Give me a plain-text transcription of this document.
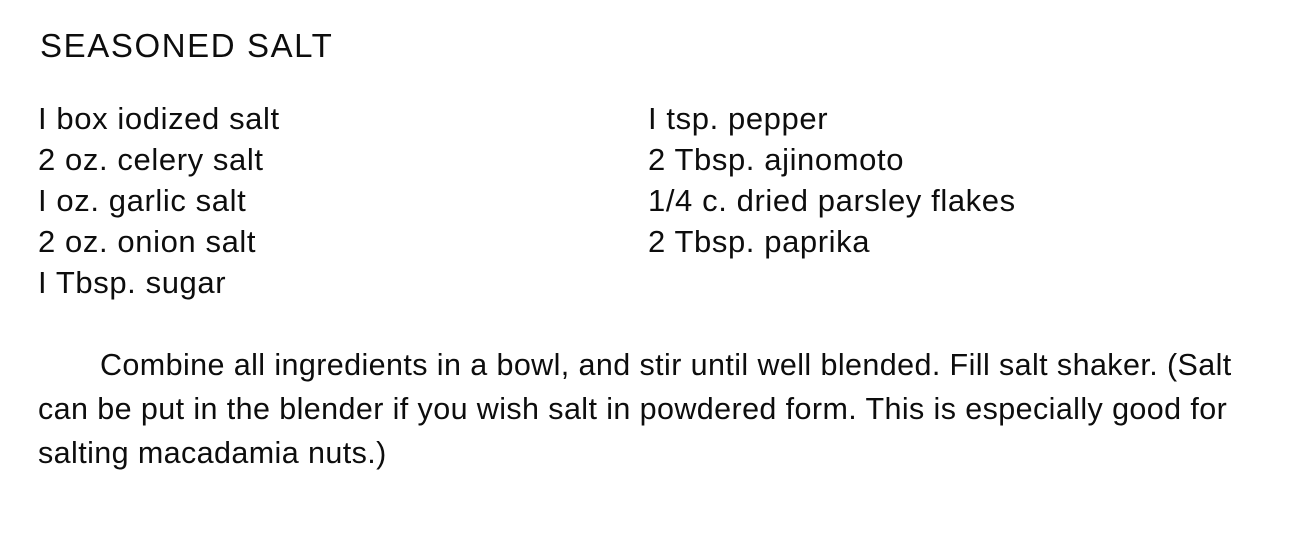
SEASONED SALT
I box iodized salt
2 oz. celery salt
I oz. garlic salt
2 oz. onion salt
I Tbsp. sugar
I tsp. pepper
2 Tbsp. ajinomoto
1/4 c. dried parsley flakes
2 Tbsp. paprika
Combine all ingredients in a bowl, and stir until well blended. Fill salt shaker. (Salt can be put in the blender if you wish salt in powdered form. This is especially good for salting macadamia nuts.)
